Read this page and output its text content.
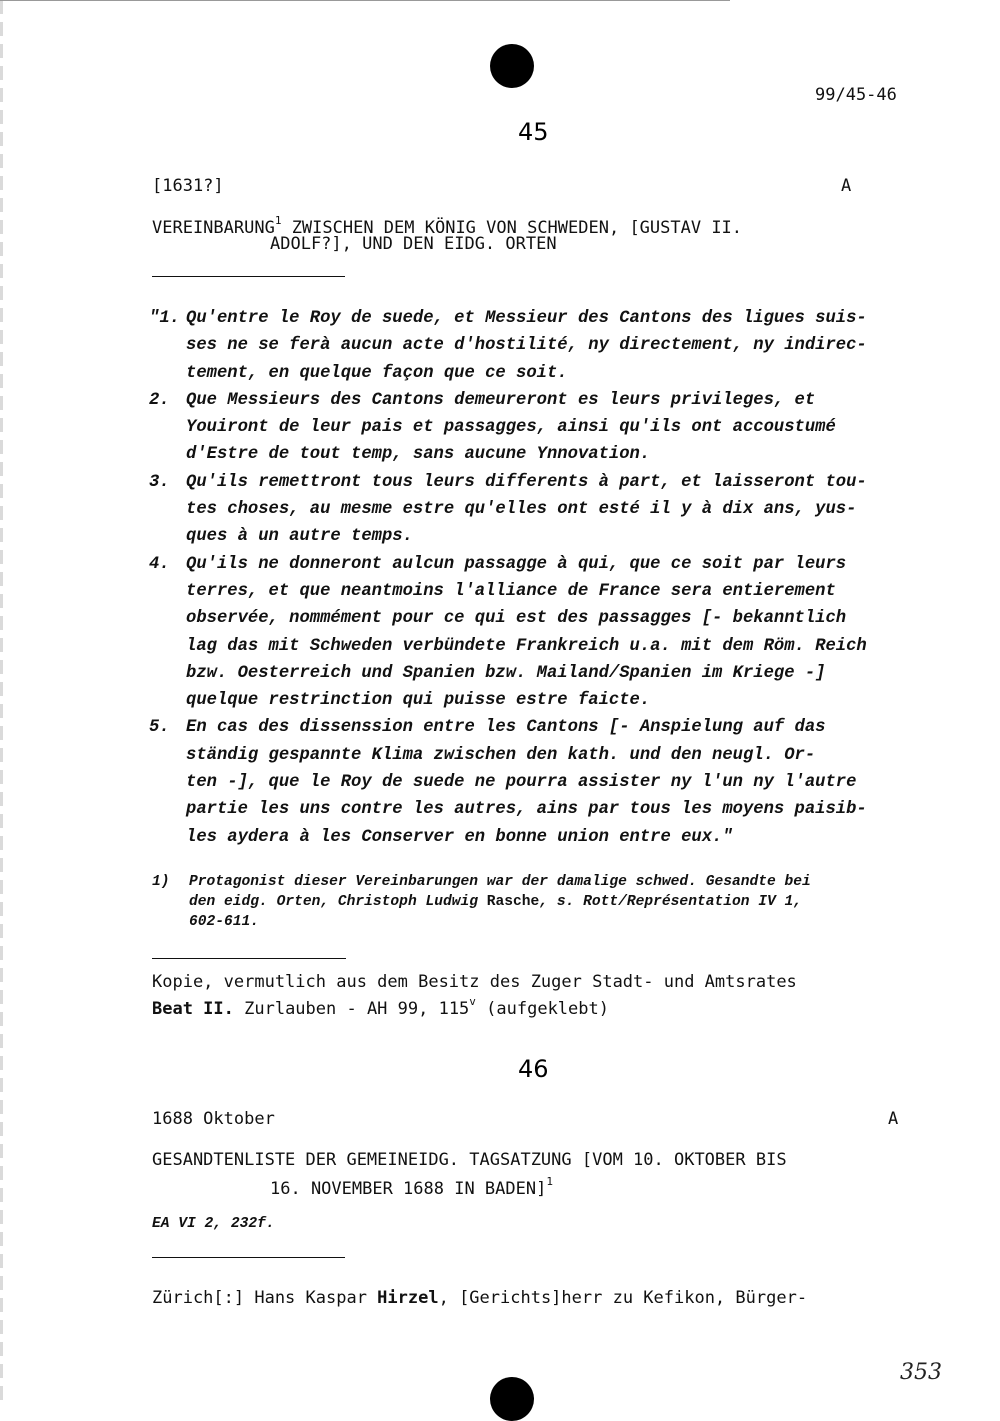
99/45-46
45
[1631?]	A
VEREINBARUNG$^1$ ZWISCHEN DEM KÖNIG VON SCHWEDEN, [GUSTAV II.
ADOLF?], UND DEN EIDG. ORTEN
"1. Qu'entre le Roy de suede, et Messieur des Cantons des ligues suis-
ses ne se ferà aucun acte d'hostilité, ny directement, ny indirec-
tement, en quelque façon que ce soit.
2. Que Messieurs des Cantons demeureront es leurs privileges, et
Youiront de leur pais et passagges, ainsi qu'ils ont accoustumé
d'Estre de tout temp, sans aucune Ynnovation.
3. Qu'ils remettront tous leurs differents à part, et laisseront tou-
tes choses, au mesme estre qu'elles ont esté il y à dix ans, yus-
ques à un autre temps.
4. Qu'ils ne donneront aulcun passagge à qui, que ce soit par leurs
terres, et que neantmoins l'alliance de France sera entierement
observée, nommément pour ce qui est des passagges [- bekanntlich
lag das mit Schweden verbündete Frankreich u.a. mit dem Röm. Reich
bzw. Oesterreich und Spanien bzw. Mailand/Spanien im Kriege -]
quelque restrinction qui puisse estre faicte.
5. En cas des dissenssion entre les Cantons [- Anspielung auf das
ständig gespannte Klima zwischen den kath. und den neugl. Or-
ten -], que le Roy de suede ne pourra assister ny l'un ny l'autre
partie les uns contre les autres, ains par tous les moyens paisib-
les aydera à les Conserver en bonne union entre eux."
1) Protagonist dieser Vereinbarungen war der damalige schwed. Gesandte bei
den eidg. Orten, Christoph Ludwig Rasche, s. Rott/Représentation IV 1,
602-611.
Kopie, vermutlich aus dem Besitz des Zuger Stadt- und Amtsrates
Beat II. Zurlauben - AH 99, 115$^v$ (aufgeklebt)
46
1688 Oktober	A
GESANDTENLISTE DER GEMEINEIDG. TAGSATZUNG [VOM 10. OKTOBER BIS
16. NOVEMBER 1688 IN BADEN]$^1$
EA VI 2, 232f.
Zürich[:] Hans Kaspar Hirzel, [Gerichts]herr zu Kefikon, Bürger-
353
